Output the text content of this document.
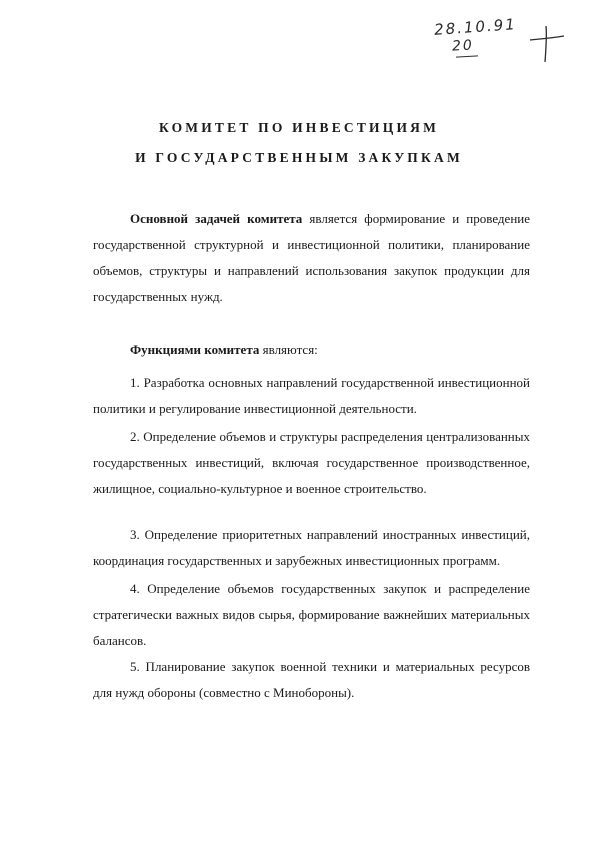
28.10.91
20
КОМИТЕТ ПО ИНВЕСТИЦИЯМ
И ГОСУДАРСТВЕННЫМ ЗАКУПКАМ
Основной задачей комитета является формирование и проведение государственной структурной и инвестиционной политики, планирование объемов, структуры и направлений использования закупок продукции для государственных нужд.
Функциями комитета являются:
1. Разработка основных направлений государственной инвестиционной политики и регулирование инвестиционной деятельности.
2. Определение объемов и структуры распределения централизованных государственных инвестиций, включая государственное производственное, жилищное, социально-культурное и военное строительство.
3. Определение приоритетных направлений иностранных инвестиций, координация государственных и зарубежных инвестиционных программ.
4. Определение объемов государственных закупок и распределение стратегически важных видов сырья, формирование важнейших материальных балансов.
5. Планирование закупок военной техники и материальных ресурсов для нужд обороны (совместно с Минобороны).
